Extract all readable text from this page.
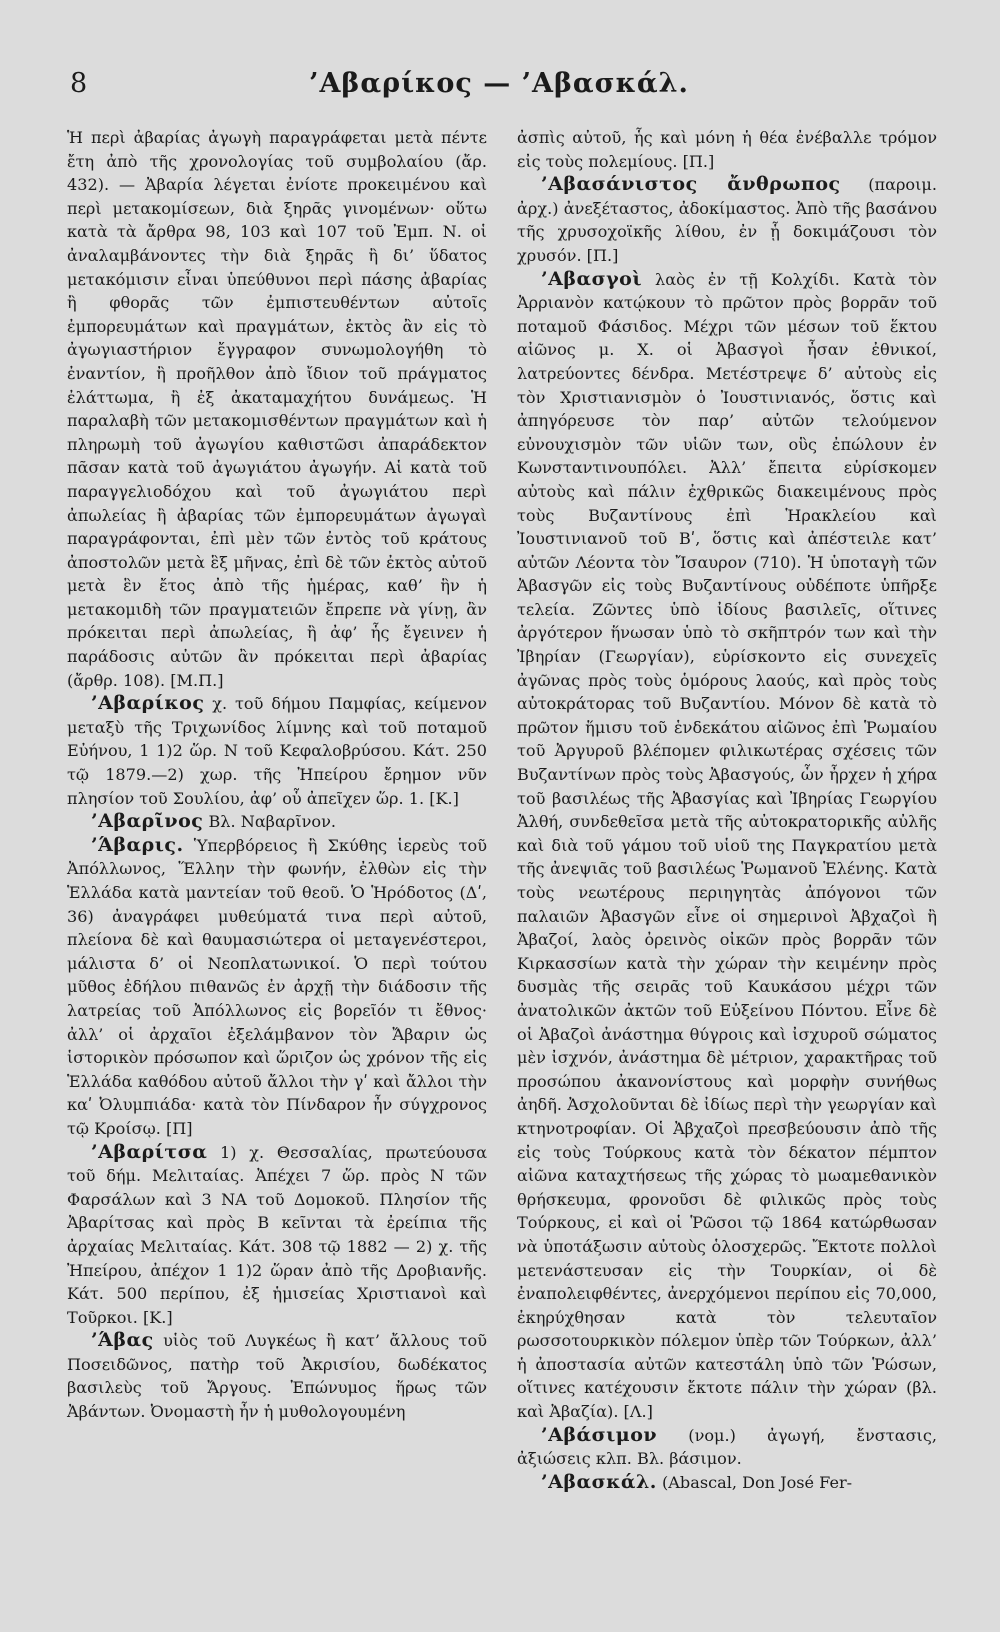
8	’Αβαρίκος — ’Αβασκάλ.

Ἡ περὶ ἀβαρίας ἀγωγὴ παραγράφεται μετὰ πέντε ἔτη ἀπὸ τῆς χρονολογίας τοῦ συμβολαίου (ἄρ. 432). — Ἀβαρία λέγεται ἐνίοτε προκειμένου καὶ περὶ μετακομίσεων, διὰ ξηρᾶς γινομένων· οὕτω κατὰ τὰ ἄρθρα 98, 103 καὶ 107 τοῦ Ἐμπ. Ν. οἱ ἀναλαμβάνοντες τὴν διὰ ξηρᾶς ἢ δι’ ὕδατος μετακόμισιν εἶναι ὑπεύθυνοι περὶ πάσης ἀβαρίας ἢ φθορᾶς τῶν ἐμπιστευθέντων αὐτοῖς ἐμπορευμάτων καὶ πραγμάτων, ἐκτὸς ἂν εἰς τὸ ἀγωγιαστήριον ἔγγραφον συνωμολογήθη τὸ ἐναντίον, ἢ προῆλθον ἀπὸ ἴδιον τοῦ πράγματος ἐλάττωμα, ἢ ἐξ ἀκαταμαχήτου δυνάμεως. Ἡ παραλαβὴ τῶν μετακομισθέντων πραγμάτων καὶ ἡ πληρωμὴ τοῦ ἀγωγίου καθιστῶσι ἀπαράδεκτον πᾶσαν κατὰ τοῦ ἀγωγιάτου ἀγωγήν. Αἱ κατὰ τοῦ παραγγελιοδόχου καὶ τοῦ ἀγωγιάτου περὶ ἀπωλείας ἢ ἀβαρίας τῶν ἐμπορευμάτων ἀγωγαὶ παραγράφονται, ἐπὶ μὲν τῶν ἐντὸς τοῦ κράτους ἀποστολῶν μετὰ ἓξ μῆνας, ἐπὶ δὲ τῶν ἐκτὸς αὐτοῦ μετὰ ἓν ἔτος ἀπὸ τῆς ἡμέρας, καθ’ ἣν ἡ μετακομιδὴ τῶν πραγματειῶν ἔπρεπε νὰ γίνῃ, ἂν πρόκειται περὶ ἀπωλείας, ἢ ἀφ’ ἧς ἔγεινεν ἡ παράδοσις αὐτῶν ἂν πρόκειται περὶ ἀβαρίας (ἄρθρ. 108). [Μ.Π.]

’Αβαρίκος χ. τοῦ δήμου Παμφίας, κείμενον μεταξὺ τῆς Τριχωνίδος λίμνης καὶ τοῦ ποταμοῦ Εὐήνου, 1 1)2 ὥρ. Ν τοῦ Κεφαλοβρύσου. Κάτ. 250 τῷ 1879.—2) χωρ. τῆς Ἠπείρου ἔρημον νῦν πλησίον τοῦ Σουλίου, ἀφ’ οὗ ἀπεῖχεν ὥρ. 1. [Κ.]

’Αβαρῖνος Βλ. Ναβαρῖνον.

’Άβαρις. Ὑπερβόρειος ἢ Σκύθης ἱερεὺς τοῦ Ἀπόλλωνος, Ἕλλην τὴν φωνήν, ἐλθὼν εἰς τὴν Ἑλλάδα κατὰ μαντείαν τοῦ θεοῦ. Ὁ Ἡρόδοτος (Δʹ, 36) ἀναγράφει μυθεύματά τινα περὶ αὐτοῦ, πλείονα δὲ καὶ θαυμασιώτερα οἱ μεταγενέστεροι, μάλιστα δ’ οἱ Νεοπλατωνικοί. Ὁ περὶ τούτου μῦθος ἐδήλου πιθανῶς ἐν ἀρχῇ τὴν διάδοσιν τῆς λατρείας τοῦ Ἀπόλλωνος εἰς βορεῖόν τι ἔθνος· ἀλλ’ οἱ ἀρχαῖοι ἐξελάμβανον τὸν Ἄβαριν ὡς ἱστορικὸν πρόσωπον καὶ ὥριζον ὡς χρόνον τῆς εἰς Ἑλλάδα καθόδου αὐτοῦ ἄλλοι τὴν γʹ καὶ ἄλλοι τὴν καʹ Ὀλυμπιάδα· κατὰ τὸν Πίνδαρον ἦν σύγχρονος τῷ Κροίσῳ. [Π]

’Αβαρίτσα 1) χ. Θεσσαλίας, πρωτεύουσα τοῦ δήμ. Μελιταίας. Ἀπέχει 7 ὥρ. πρὸς Ν τῶν Φαρσάλων καὶ 3 ΝΑ τοῦ Δομοκοῦ. Πλησίον τῆς Ἀβαρίτσας καὶ πρὸς Β κεῖνται τὰ ἐρείπια τῆς ἀρχαίας Μελιταίας. Κάτ. 308 τῷ 1882 — 2) χ. τῆς Ἠπείρου, ἀπέχον 1 1)2 ὥραν ἀπὸ τῆς Δροβιανῆς. Κάτ. 500 περίπου, ἐξ ἡμισείας Χριστιανοὶ καὶ Τοῦρκοι. [Κ.]

’Άβας υἱὸς τοῦ Λυγκέως ἢ κατ’ ἄλλους τοῦ Ποσειδῶνος, πατὴρ τοῦ Ἀκρισίου, δωδέκατος βασιλεὺς τοῦ Ἄργους. Ἐπώνυμος ἥρως τῶν Ἀβάντων. Ὀνομαστὴ ἦν ἡ μυθολογουμένη

ἀσπὶς αὐτοῦ, ἧς καὶ μόνη ἡ θέα ἐνέβαλλε τρόμον εἰς τοὺς πολεμίους. [Π.]

’Αβασάνιστος ἄνθρωπος (παροιμ. ἀρχ.) ἀνεξέταστος, ἀδοκίμαστος. Ἀπὸ τῆς βασάνου τῆς χρυσοχοϊκῆς λίθου, ἐν ᾗ δοκιμάζουσι τὸν χρυσόν. [Π.]

’Αβασγοὶ λαὸς ἐν τῇ Κολχίδι. Κατὰ τὸν Ἀρριανὸν κατῴκουν τὸ πρῶτον πρὸς βορρᾶν τοῦ ποταμοῦ Φάσιδος. Μέχρι τῶν μέσων τοῦ ἕκτου αἰῶνος μ. Χ. οἱ Ἀβασγοὶ ἦσαν ἐθνικοί, λατρεύοντες δένδρα. Μετέστρεψε δ’ αὐτοὺς εἰς τὸν Χριστιανισμὸν ὁ Ἰουστινιανός, ὅστις καὶ ἀπηγόρευσε τὸν παρ’ αὐτῶν τελούμενον εὐνουχισμὸν τῶν υἱῶν των, οὓς ἐπώλουν ἐν Κωνσταντινουπόλει. Ἀλλ’ ἔπειτα εὑρίσκομεν αὐτοὺς καὶ πάλιν ἐχθρικῶς διακειμένους πρὸς τοὺς Βυζαντίνους ἐπὶ Ἡρακλείου καὶ Ἰουστινιανοῦ τοῦ Βʹ, ὅστις καὶ ἀπέστειλε κατ’ αὐτῶν Λέοντα τὸν Ἴσαυρον (710). Ἡ ὑποταγὴ τῶν Ἀβασγῶν εἰς τοὺς Βυζαντίνους οὐδέποτε ὑπῆρξε τελεία. Ζῶντες ὑπὸ ἰδίους βασιλεῖς, οἵτινες ἀργότερον ἥνωσαν ὑπὸ τὸ σκῆπτρόν των καὶ τὴν Ἰβηρίαν (Γεωργίαν), εὑρίσκοντο εἰς συνεχεῖς ἀγῶνας πρὸς τοὺς ὁμόρους λαούς, καὶ πρὸς τοὺς αὐτοκράτορας τοῦ Βυζαντίου. Μόνον δὲ κατὰ τὸ πρῶτον ἥμισυ τοῦ ἑνδεκάτου αἰῶνος ἐπὶ Ῥωμαίου τοῦ Ἀργυροῦ βλέπομεν φιλικωτέρας σχέσεις τῶν Βυζαντίνων πρὸς τοὺς Ἀβασγούς, ὧν ἦρχεν ἡ χήρα τοῦ βασιλέως τῆς Ἀβασγίας καὶ Ἰβηρίας Γεωργίου Ἀλθή, συνδεθεῖσα μετὰ τῆς αὐτοκρατορικῆς αὐλῆς καὶ διὰ τοῦ γάμου τοῦ υἱοῦ της Παγκρατίου μετὰ τῆς ἀνεψιᾶς τοῦ βασιλέως Ῥωμανοῦ Ἑλένης. Κατὰ τοὺς νεωτέρους περιηγητὰς ἀπόγονοι τῶν παλαιῶν Ἀβασγῶν εἶνε οἱ σημερινοὶ Ἀβχαζοὶ ἢ Ἀβαζοί, λαὸς ὀρεινὸς οἰκῶν πρὸς βορρᾶν τῶν Κιρκασσίων κατὰ τὴν χώραν τὴν κειμένην πρὸς δυσμὰς τῆς σειρᾶς τοῦ Καυκάσου μέχρι τῶν ἀνατολικῶν ἀκτῶν τοῦ Εὐξείνου Πόντου. Εἶνε δὲ οἱ Ἀβαζοὶ ἀνάστημα θύγροις καὶ ἰσχυροῦ σώματος μὲν ἰσχνόν, ἀνάστημα δὲ μέτριον, χαρακτῆρας τοῦ προσώπου ἀκανονίστους καὶ μορφὴν συνήθως ἀηδῆ. Ἀσχολοῦνται δὲ ἰδίως περὶ τὴν γεωργίαν καὶ κτηνοτροφίαν. Οἱ Ἀβχαζοὶ πρεσβεύουσιν ἀπὸ τῆς εἰς τοὺς Τούρκους κατὰ τὸν δέκατον πέμπτον αἰῶνα καταχτήσεως τῆς χώρας τὸ μωαμεθανικὸν θρήσκευμα, φρονοῦσι δὲ φιλικῶς πρὸς τοὺς Τούρκους, εἰ καὶ οἱ Ῥῶσοι τῷ 1864 κατώρθωσαν νὰ ὑποτάξωσιν αὐτοὺς ὁλοσχερῶς. Ἔκτοτε πολλοὶ μετενάστευσαν εἰς τὴν Τουρκίαν, οἱ δὲ ἐναπολειφθέντες, ἀνερχόμενοι περίπου εἰς 70,000, ἐκηρύχθησαν κατὰ τὸν τελευταῖον ρωσσοτουρκικὸν πόλεμον ὑπὲρ τῶν Τούρκων, ἀλλ’ ἡ ἀποστασία αὐτῶν κατεστάλη ὑπὸ τῶν Ῥώσων, οἵτινες κατέχουσιν ἔκτοτε πάλιν τὴν χώραν (βλ. καὶ Ἀβαζία). [Λ.]

’Αβάσιμον (νομ.) ἀγωγή, ἔνστασις, ἀξιώσεις κλπ. Βλ. βάσιμον.

’Αβασκάλ. (Abascal, Don José Fer-
